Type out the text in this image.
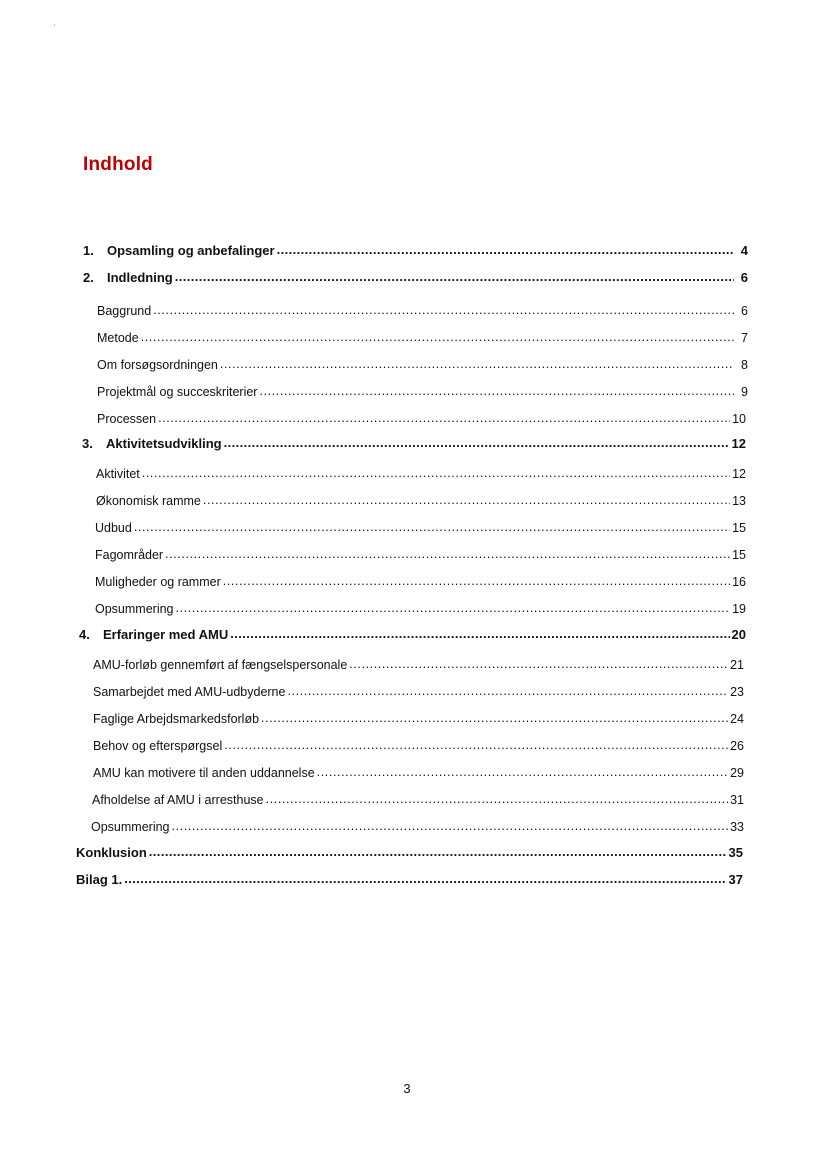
Indhold
1.	Opsamling og anbefalinger .....	4
2.	Indledning .....	6
Baggrund .....	6
Metode .....	7
Om forsøgsordningen .....	8
Projektmål og succeskriterier .....	9
Processen .....	10
3.	Aktivitetsudvikling .....	12
Aktivitet .....	12
Økonomisk ramme .....	13
Udbud .....	15
Fagområder .....	15
Muligheder og rammer .....	16
Opsummering .....	19
4.	Erfaringer med AMU .....	20
AMU-forløb gennemført af fængselspersonale .....	21
Samarbejdet med AMU-udbyderne .....	23
Faglige Arbejdsmarkedsforløb .....	24
Behov og efterspørgsel .....	26
AMU kan motivere til anden uddannelse .....	29
Afholdelse af AMU i arresthuse .....	31
Opsummering .....	33
Konklusion .....	35
Bilag 1. .....	37
3
